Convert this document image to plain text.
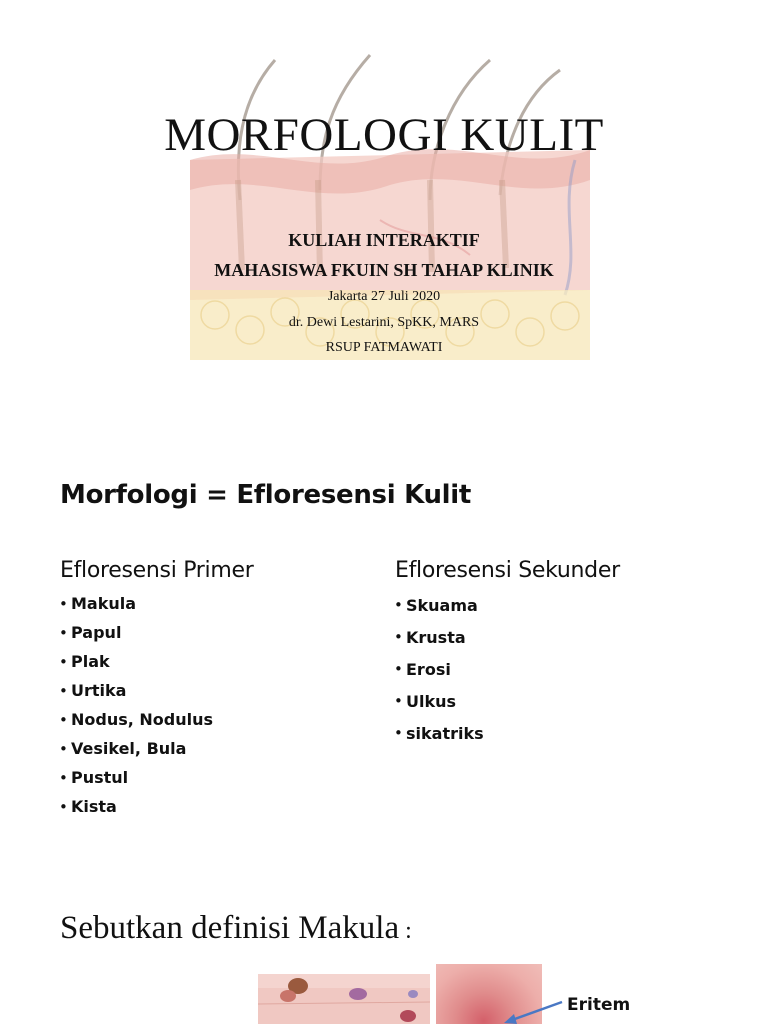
MORFOLOGI KULIT
KULIAH INTERAKTIF
MAHASISWA FKUIN SH TAHAP KLINIK
Jakarta 27 Juli 2020
dr. Dewi Lestarini, SpKK, MARS
RSUP FATMAWATI
Morfologi = Efloresensi Kulit
Efloresensi Primer
• Makula
• Papul
• Plak
• Urtika
• Nodus, Nodulus
• Vesikel, Bula
• Pustul
• Kista
Efloresensi Sekunder
• Skuama
• Krusta
• Erosi
• Ulkus
• sikatriks
Sebutkan definisi Makula :
Eritem
